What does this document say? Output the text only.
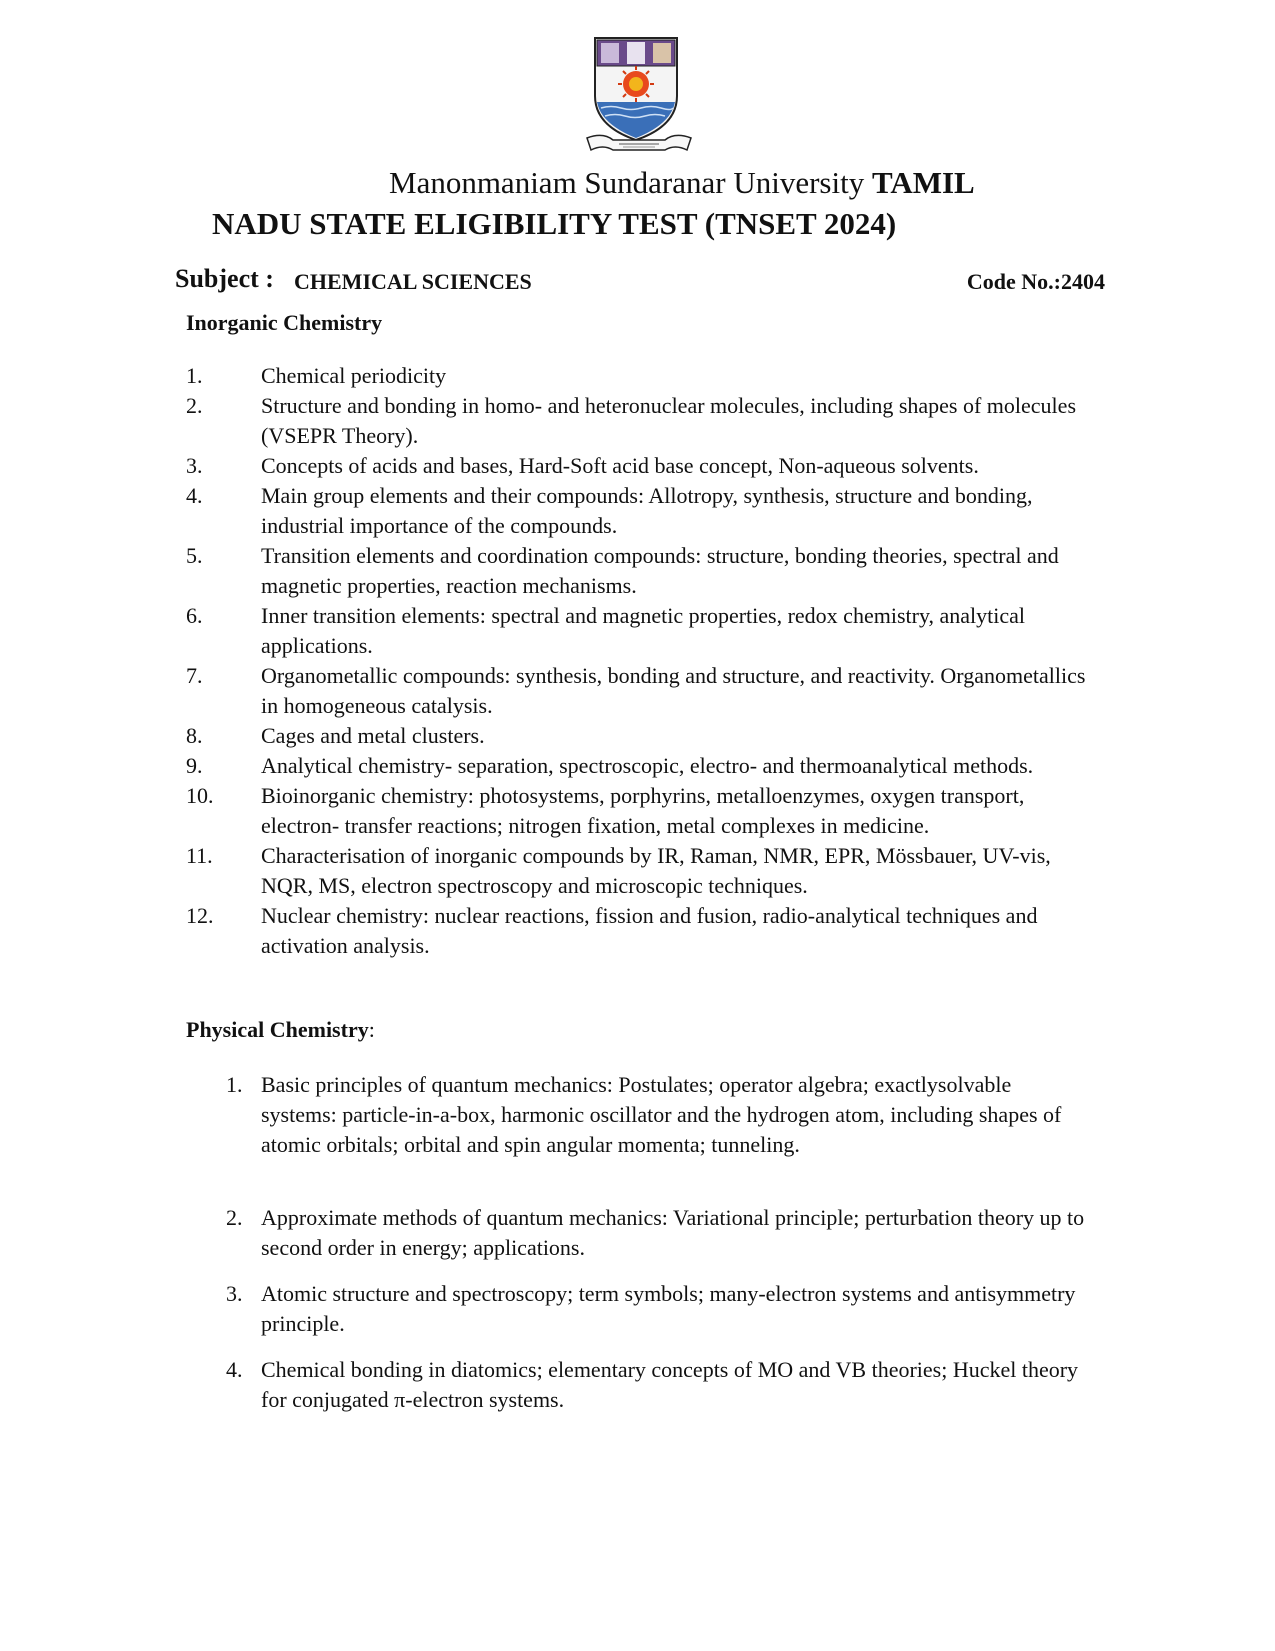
Manonmaniam Sundaranar University TAMIL
NADU STATE ELIGIBILITY TEST (TNSET 2024)
Subject : CHEMICAL SCIENCES	Code No.:2404
Inorganic Chemistry
1.	Chemical periodicity
2.	Structure and bonding in homo- and heteronuclear molecules, including shapes of molecules (VSEPR Theory).
3.	Concepts of acids and bases, Hard-Soft acid base concept, Non-aqueous solvents.
4.	Main group elements and their compounds: Allotropy, synthesis, structure and bonding, industrial importance of the compounds.
5.	Transition elements and coordination compounds: structure, bonding theories, spectral and magnetic properties, reaction mechanisms.
6.	Inner transition elements: spectral and magnetic properties, redox chemistry, analytical applications.
7.	Organometallic compounds: synthesis, bonding and structure, and reactivity. Organometallics in homogeneous catalysis.
8.	Cages and metal clusters.
9.	Analytical chemistry- separation, spectroscopic, electro- and thermoanalytical methods.
10. Bioinorganic chemistry: photosystems, porphyrins, metalloenzymes, oxygen transport, electron- transfer reactions; nitrogen fixation, metal complexes in medicine.
11. Characterisation of inorganic compounds by IR, Raman, NMR, EPR, Mössbauer, UV-vis, NQR, MS, electron spectroscopy and microscopic techniques.
12. Nuclear chemistry: nuclear reactions, fission and fusion, radio-analytical techniques and activation analysis.
Physical Chemistry:
1. Basic principles of quantum mechanics: Postulates; operator algebra; exactlysolvable systems: particle-in-a-box, harmonic oscillator and the hydrogen atom, including shapes of atomic orbitals; orbital and spin angular momenta; tunneling.
2. Approximate methods of quantum mechanics: Variational principle; perturbation theory up to second order in energy; applications.
3. Atomic structure and spectroscopy; term symbols; many-electron systems and antisymmetry principle.
4. Chemical bonding in diatomics; elementary concepts of MO and VB theories; Huckel theory for conjugated π-electron systems.
